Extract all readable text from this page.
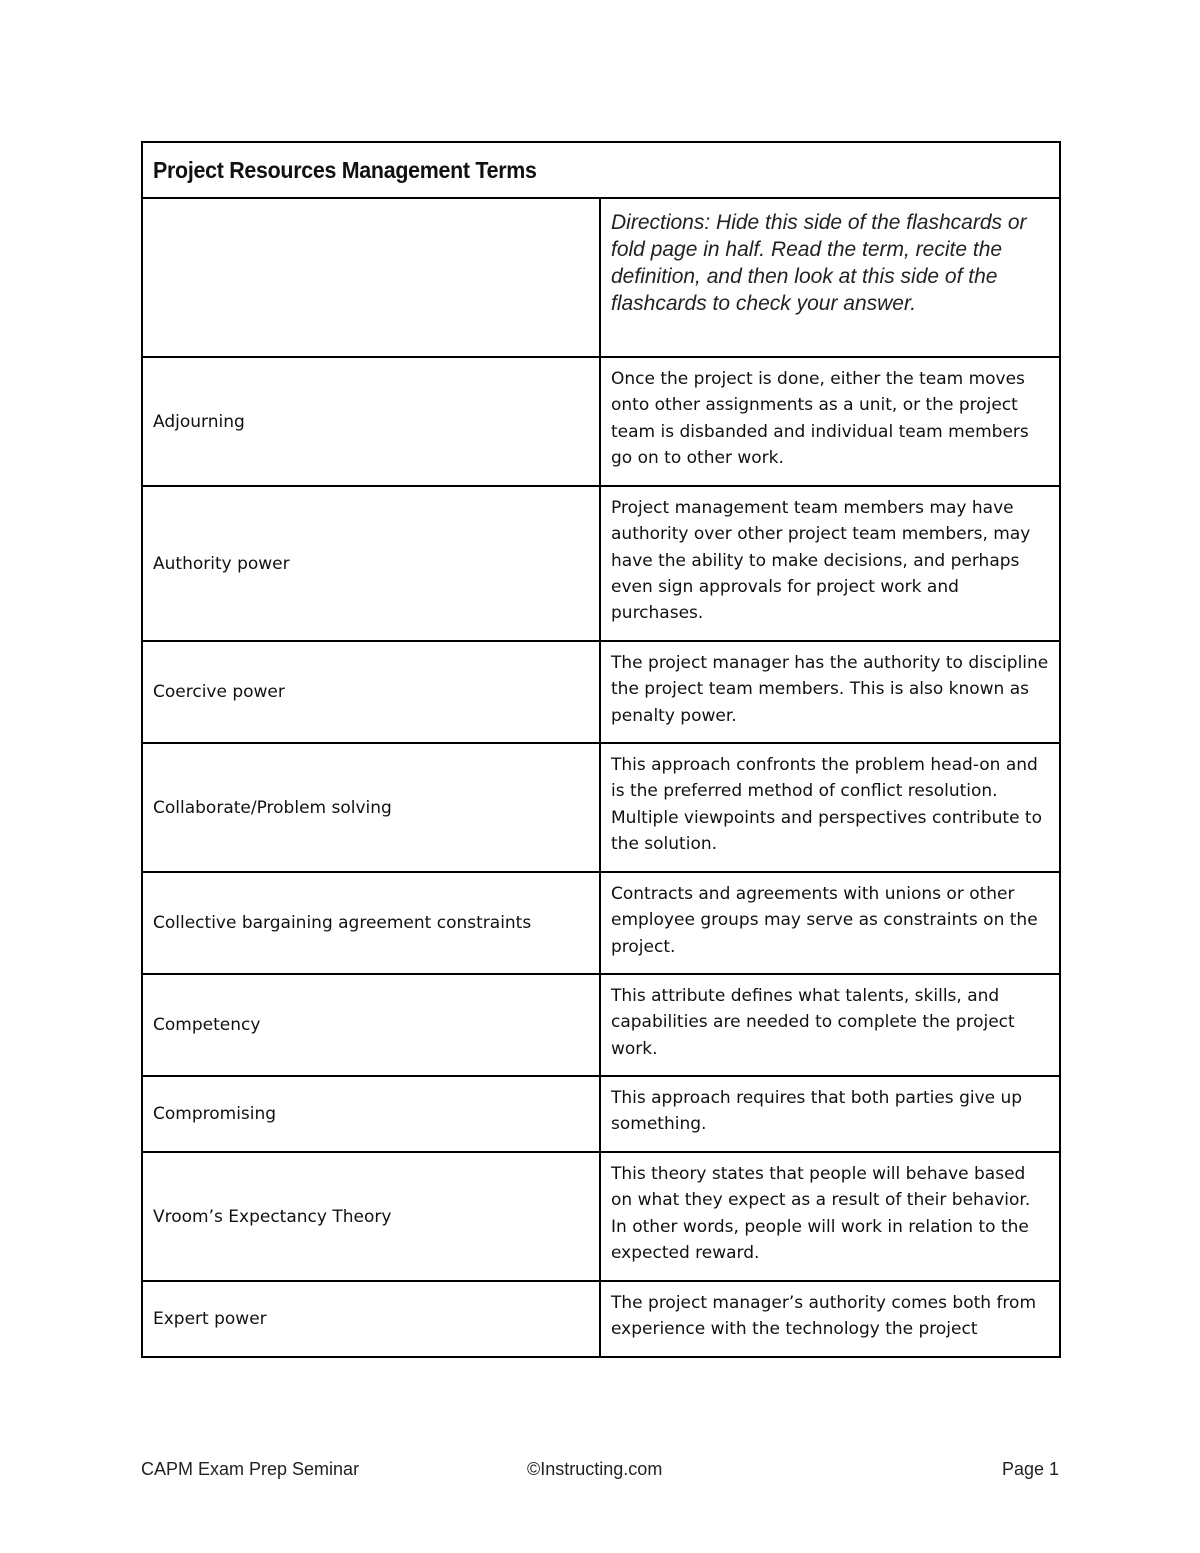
Project Resources Management Terms	
	Directions: Hide this side of the flashcards or fold page in half. Read the term, recite the definition, and then look at this side of the flashcards to check your answer.
Adjourning	Once the project is done, either the team moves onto other assignments as a unit, or the project team is disbanded and individual team members go on to other work.
Authority power	Project management team members may have authority over other project team members, may have the ability to make decisions, and perhaps even sign approvals for project work and purchases.
Coercive power	The project manager has the authority to discipline the project team members. This is also known as penalty power.
Collaborate/Problem solving	This approach confronts the problem head-on and is the preferred method of conflict resolution. Multiple viewpoints and perspectives contribute to the solution.
Collective bargaining agreement constraints	Contracts and agreements with unions or other employee groups may serve as constraints on the project.
Competency	This attribute defines what talents, skills, and capabilities are needed to complete the project work.
Compromising	This approach requires that both parties give up something.
Vroom’s Expectancy Theory	This theory states that people will behave based on what they expect as a result of their behavior. In other words, people will work in relation to the expected reward.
Expert power	The project manager’s authority comes both from experience with the technology the project
CAPM Exam Prep Seminar	©Instructing.com	Page 1
